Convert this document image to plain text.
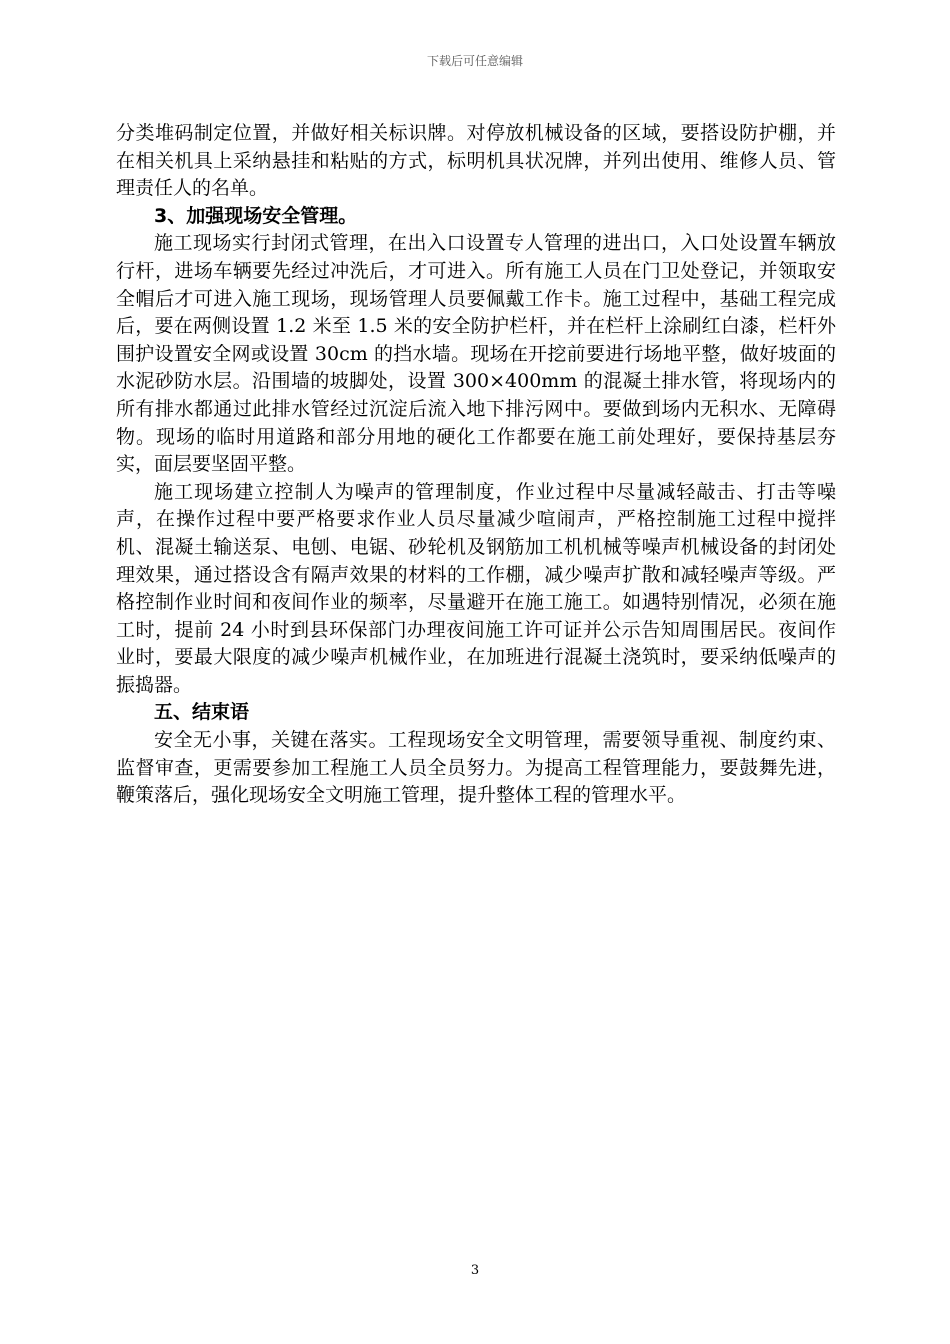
下载后可任意编辑

分类堆码制定位置，并做好相关标识牌。对停放机械设备的区域，要搭设防护棚，并在相关机具上采纳悬挂和粘贴的方式，标明机具状况牌，并列出使用、维修人员、管理责任人的名单。

3、加强现场安全管理。

施工现场实行封闭式管理，在出入口设置专人管理的进出口，入口处设置车辆放行杆，进场车辆要先经过冲洗后，才可进入。所有施工人员在门卫处登记，并领取安全帽后才可进入施工现场，现场管理人员要佩戴工作卡。施工过程中，基础工程完成后，要在两侧设置 1.2 米至 1.5 米的安全防护栏杆，并在栏杆上涂刷红白漆，栏杆外围护设置安全网或设置 30cm 的挡水墙。现场在开挖前要进行场地平整，做好坡面的水泥砂防水层。沿围墙的坡脚处，设置 300×400mm 的混凝土排水管，将现场内的所有排水都通过此排水管经过沉淀后流入地下排污网中。要做到场内无积水、无障碍物。现场的临时用道路和部分用地的硬化工作都要在施工前处理好，要保持基层夯实，面层要坚固平整。

施工现场建立控制人为噪声的管理制度，作业过程中尽量减轻敲击、打击等噪声，在操作过程中要严格要求作业人员尽量减少喧闹声，严格控制施工过程中搅拌机、混凝土输送泵、电刨、电锯、砂轮机及钢筋加工机机械等噪声机械设备的封闭处理效果，通过搭设含有隔声效果的材料的工作棚，减少噪声扩散和减轻噪声等级。严格控制作业时间和夜间作业的频率，尽量避开在施工施工。如遇特别情况，必须在施工时，提前 24 小时到县环保部门办理夜间施工许可证并公示告知周围居民。夜间作业时，要最大限度的减少噪声机械作业，在加班进行混凝土浇筑时，要采纳低噪声的振捣器。

五、结束语

安全无小事，关键在落实。工程现场安全文明管理，需要领导重视、制度约束、监督审查，更需要参加工程施工人员全员努力。为提高工程管理能力，要鼓舞先进，鞭策落后，强化现场安全文明施工管理，提升整体工程的管理水平。

3
